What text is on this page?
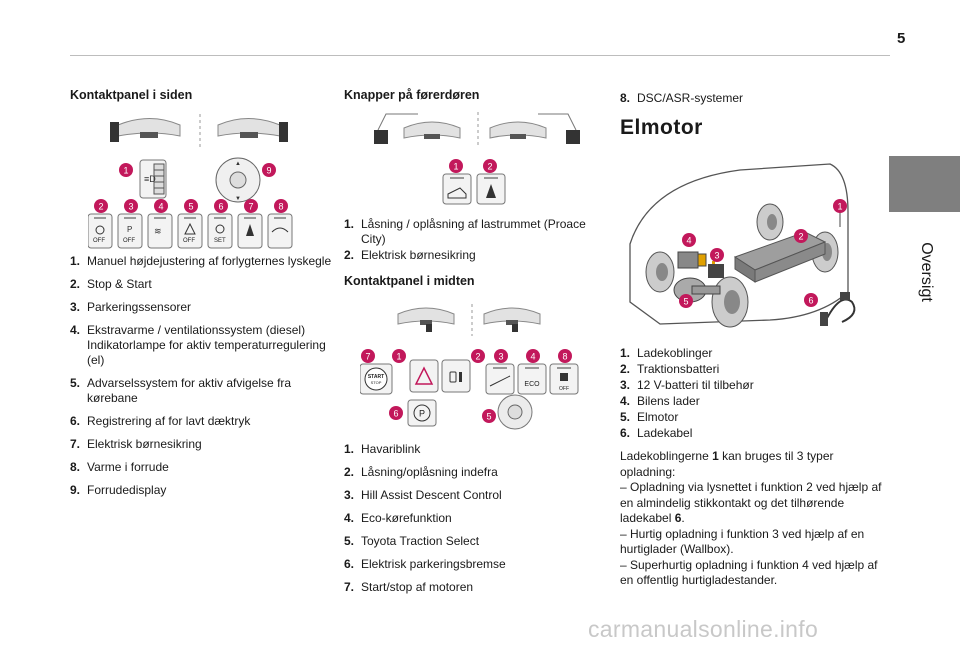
5
Oversigt
Kontaktpanel i siden
≡D
▲
▼
OFF	OFF	OFF	SET
P ≋
1	9
2	3	4	5	6	7	8
1. Manuel højdejustering af forlygternes lyskegle
2. Stop & Start
3. Parkeringssensorer
4. Ekstravarme / ventilationssystem (diesel) Indikatorlampe for aktiv temperaturregulering (el)
5. Advarselssystem for aktiv afvigelse fra kørebane
6. Registrering af for lavt dæktryk
7. Elektrisk børnesikring
8. Varme i forrude
9. Forrudedisplay
Knapper på førerdøren
1	2
1. Låsning / oplåsning af lastrummet (Proace City)
2. Elektrisk børnesikring
Kontaktpanel i midten
START
STOP	ECO
OFF
P
7	1	2 3	4	8
6	5
1. Havariblink
2. Låsning/oplåsning indefra
3. Hill Assist Descent Control
4. Eco-kørefunktion
5. Toyota Traction Select
6. Elektrisk parkeringsbremse
7. Start/stop af motoren
8. DSC/ASR-systemer
Elmotor
1
2
3
4
5	6
1. Ladekoblinger
2. Traktionsbatteri
3. 12 V-batteri til tilbehør
4. Bilens lader
5. Elmotor
6. Ladekabel
Ladekoblingerne 1 kan bruges til 3 typer opladning:
– Opladning via lysnettet i funktion 2 ved hjælp af en almindelig stikkontakt og det tilhørende ladekabel 6.
– Hurtig opladning i funktion 3 ved hjælp af en hurtiglader (Wallbox).
– Superhurtig opladning i funktion 4 ved hjælp af en offentlig hurtigladestander.
carmanualsonline.info
